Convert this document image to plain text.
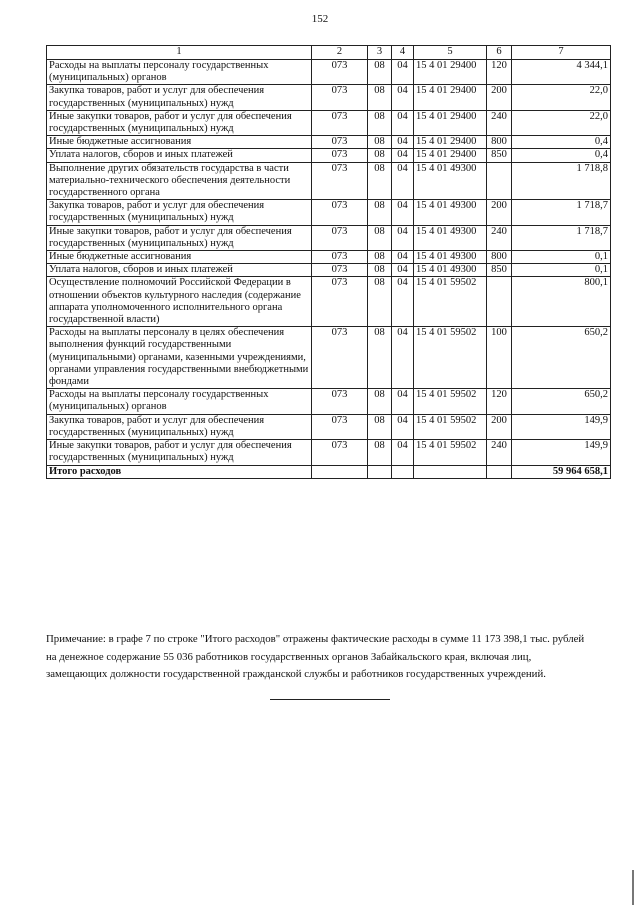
152
1	2	3	4	5	6	7
Расходы на выплаты персоналу государственных (муниципальных) органов	073	08	04	15 4 01 29400	120	4 344,1
Закупка товаров, работ и услуг для обеспечения государственных (муниципальных) нужд	073	08	04	15 4 01 29400	200	22,0
Иные закупки товаров, работ и услуг для обеспечения государственных (муниципальных) нужд	073	08	04	15 4 01 29400	240	22,0
Иные бюджетные ассигнования	073	08	04	15 4 01 29400	800	0,4
Уплата налогов, сборов и иных платежей	073	08	04	15 4 01 29400	850	0,4
Выполнение других обязательств государства в части материально-технического обеспечения деятельности государственного органа	073	08	04	15 4 01 49300		1 718,8
Закупка товаров, работ и услуг для обеспечения государственных (муниципальных) нужд	073	08	04	15 4 01 49300	200	1 718,7
Иные закупки товаров, работ и услуг для обеспечения государственных (муниципальных) нужд	073	08	04	15 4 01 49300	240	1 718,7
Иные бюджетные ассигнования	073	08	04	15 4 01 49300	800	0,1
Уплата налогов, сборов и иных платежей	073	08	04	15 4 01 49300	850	0,1
Осуществление полномочий Российской Федерации в отношении объектов культурного наследия (содержание аппарата уполномоченного исполнительного органа государственной власти)	073	08	04	15 4 01 59502		800,1
Расходы на выплаты персоналу в целях обеспечения выполнения функций государственными (муниципальными) органами, казенными учреждениями, органами управления государственными внебюджетными фондами	073	08	04	15 4 01 59502	100	650,2
Расходы на выплаты персоналу государственных (муниципальных) органов	073	08	04	15 4 01 59502	120	650,2
Закупка товаров, работ и услуг для обеспечения государственных (муниципальных) нужд	073	08	04	15 4 01 59502	200	149,9
Иные закупки товаров, работ и услуг для обеспечения государственных (муниципальных) нужд	073	08	04	15 4 01 59502	240	149,9
Итого расходов						59 964 658,1
Примечание: в графе 7 по строке "Итого расходов" отражены фактические расходы в сумме 11 173 398,1 тыс. рублей на денежное содержание 55 036 работников государственных органов Забайкальского края, включая лиц, замещающих должности государственной гражданской службы и работников государственных учреждений.
